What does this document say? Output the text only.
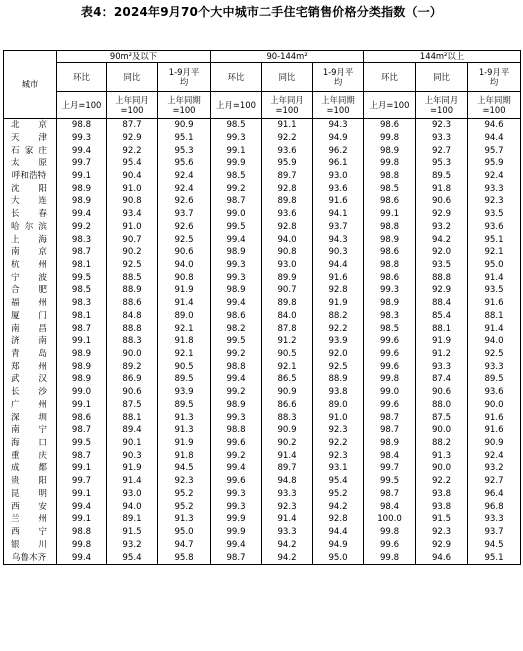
表4：2024年9月70个大中城市二手住宅销售价格分类指数（一）
城市	90m²及以下			90-144m²			144m²以上		
	环比	同比	1-9月平均	环比	同比	1-9月平均	环比	同比	1-9月平均
	上月=100	上年同月=100	上年同期=100	上月=100	上年同月=100	上年同期=100	上月=100	上年同月=100	上年同期=100

北 京	98.8	87.7	90.9	98.5	91.1	94.3	98.6	92.3	94.6

天 津	99.3	92.9	95.1	99.3	92.2	94.9	99.8	93.3	94.4

石 家 庄	99.4	92.2	95.3	99.1	93.6	96.2	98.9	92.7	95.7

太 原	99.7	95.4	95.6	99.9	95.9	96.1	99.8	95.3	95.9

呼和浩特	99.1	90.4	92.4	98.5	89.7	93.0	98.8	89.5	92.4

沈 阳	98.9	91.0	92.4	99.2	92.8	93.6	98.5	91.8	93.3

大 连	98.9	90.8	92.6	98.7	89.8	91.6	98.6	90.6	92.3

长 春	99.4	93.4	93.7	99.0	93.6	94.1	99.1	92.9	93.5

哈 尔 滨	99.2	91.0	92.6	99.5	92.8	93.7	98.8	93.2	93.6

上 海	98.3	90.7	92.5	99.4	94.0	94.3	98.9	94.2	95.1

南 京	98.7	90.2	90.6	98.9	90.8	90.3	98.6	92.0	92.1

杭 州	98.1	92.5	94.0	99.3	93.0	94.4	98.8	93.5	95.0

宁 波	99.5	88.5	90.8	99.3	89.9	91.6	98.6	88.8	91.4

合 肥	98.5	88.9	91.9	98.9	90.7	92.8	99.3	92.9	93.5

福 州	98.3	88.6	91.4	99.4	89.8	91.9	98.9	88.4	91.6

厦 门	98.1	84.8	89.0	98.6	84.0	88.2	98.3	85.4	88.1

南 昌	98.7	88.8	92.1	98.2	87.8	92.2	98.5	88.1	91.4

济 南	99.1	88.3	91.8	99.5	91.2	93.9	99.6	91.9	94.0

青 岛	98.9	90.0	92.1	99.2	90.5	92.0	99.6	91.2	92.5

郑 州	98.9	89.2	90.5	98.8	92.1	92.5	99.6	93.3	93.3

武 汉	98.9	86.9	89.5	99.4	86.5	88.9	99.8	87.4	89.5

长 沙	99.0	90.6	93.9	99.2	90.9	93.8	99.0	90.6	93.6

广 州	99.1	87.5	89.5	98.9	86.6	89.0	99.6	88.0	90.0

深 圳	98.6	88.1	91.3	99.3	88.3	91.0	98.7	87.5	91.6

南 宁	98.7	89.4	91.3	98.8	90.9	92.3	98.7	90.0	91.6

海 口	99.5	90.1	91.9	99.6	90.2	92.2	98.9	88.2	90.9

重 庆	98.7	90.3	91.8	99.2	91.4	92.3	98.4	91.3	92.4

成 都	99.1	91.9	94.5	99.4	89.7	93.1	99.7	90.0	93.2

贵 阳	99.7	91.4	92.3	99.6	94.8	95.4	99.5	92.2	92.7

昆 明	99.1	93.0	95.2	99.3	93.3	95.2	98.7	93.8	96.4

西 安	99.4	94.0	95.2	99.3	92.3	94.2	98.4	93.8	96.8

兰 州	99.1	89.1	91.3	99.9	91.4	92.8	100.0	91.5	93.3

西 宁	98.8	91.5	95.0	99.9	93.3	94.4	99.8	92.3	93.7

银 川	99.8	93.2	94.7	99.4	94.2	94.9	99.6	92.9	94.5

乌鲁木齐	99.4	95.4	95.8	98.7	94.2	95.0	99.8	94.6	95.1
